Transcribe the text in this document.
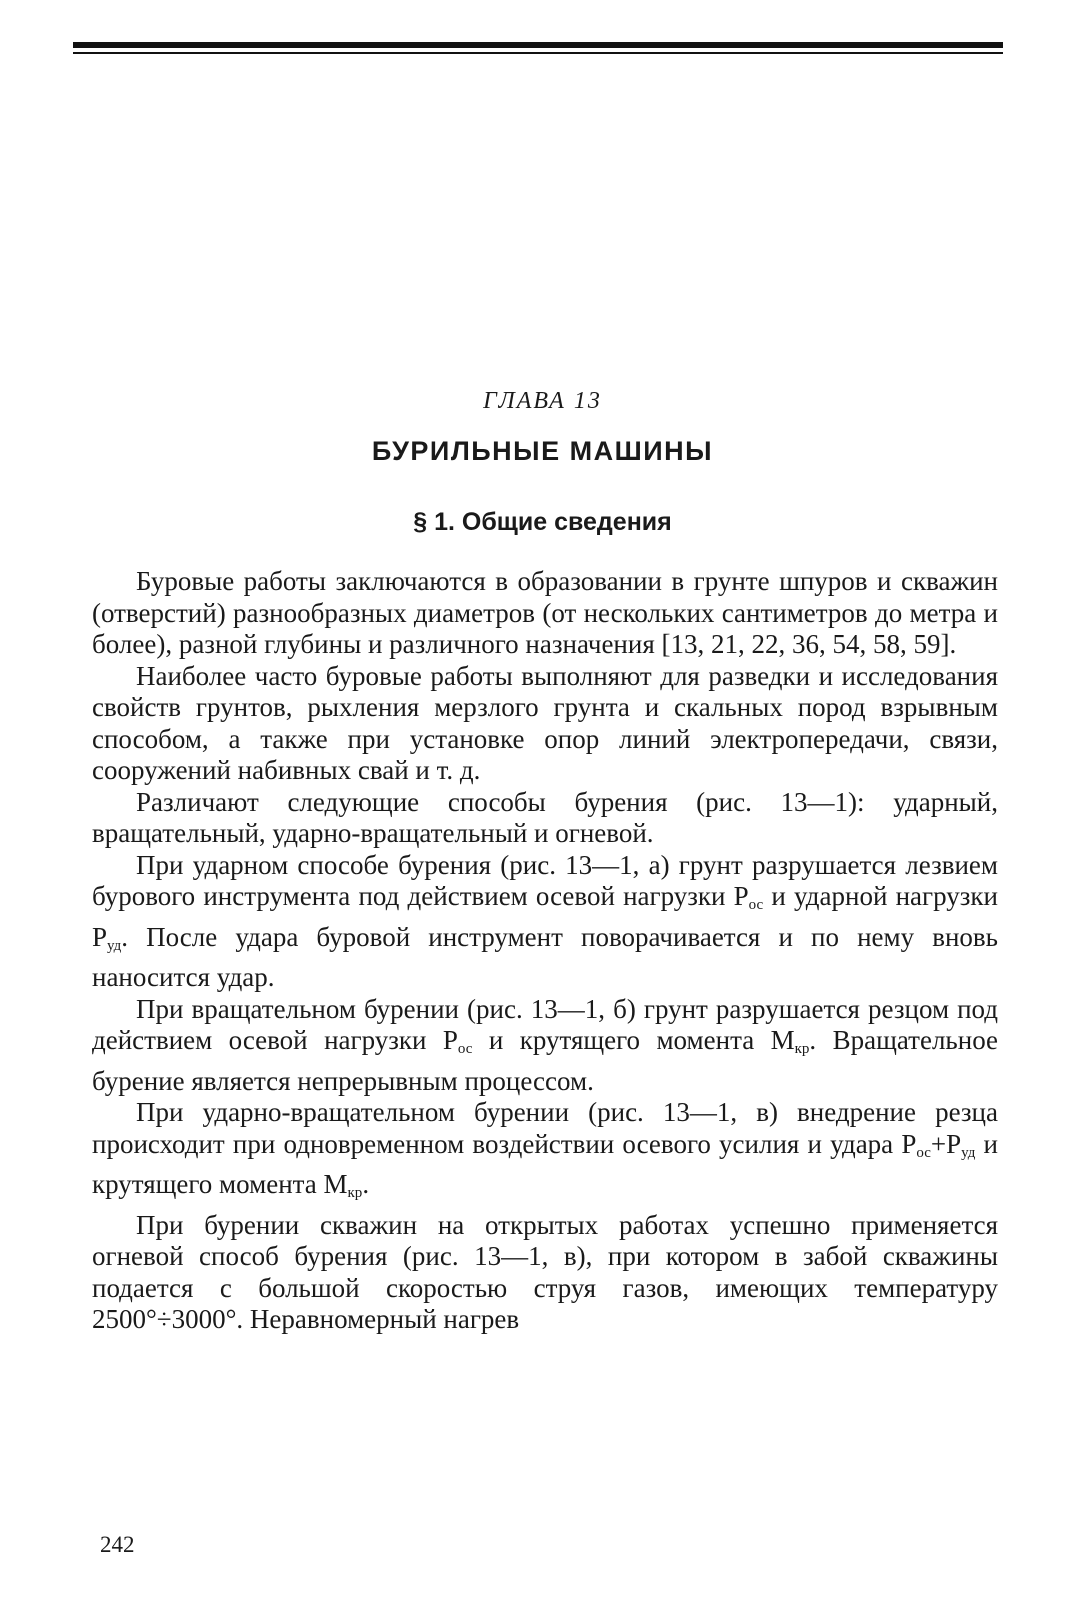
ГЛАВА 13
БУРИЛЬНЫЕ МАШИНЫ
§ 1. Общие сведения

Буровые работы заключаются в образовании в грунте шпуров и скважин (отверстий) разнообразных диаметров (от нескольких сантиметров до метра и более), разной глубины и различного назначения [13, 21, 22, 36, 54, 58, 59].

Наиболее часто буровые работы выполняют для разведки и исследования свойств грунтов, рыхления мерзлого грунта и скальных пород взрывным способом, а также при установке опор линий электропередачи, связи, сооружений набивных свай и т. д.

Различают следующие способы бурения (рис. 13—1): ударный, вращательный, ударно-вращательный и огневой.

При ударном способе бурения (рис. 13—1, а) грунт разрушается лезвием бурового инструмента под действием осевой нагрузки $Р_{ос}$ и ударной нагрузки $Р_{уд}$. После удара буровой инструмент поворачивается и по нему вновь наносится удар.

При вращательном бурении (рис. 13—1, б) грунт разрушается резцом под действием осевой нагрузки $Р_{ос}$ и крутящего момента $М_{кр}$. Вращательное бурение является непрерывным процессом.

При ударно-вращательном бурении (рис. 13—1, в) внедрение резца происходит при одновременном воздействии осевого усилия и удара $Р_{ос}+Р_{уд}$ и крутящего момента $М_{кр}$.

При бурении скважин на открытых работах успешно применяется огневой способ бурения (рис. 13—1, в), при котором в забой скважины подается с большой скоростью струя газов, имеющих температуру 2500°÷3000°. Неравномерный нагрев

242
